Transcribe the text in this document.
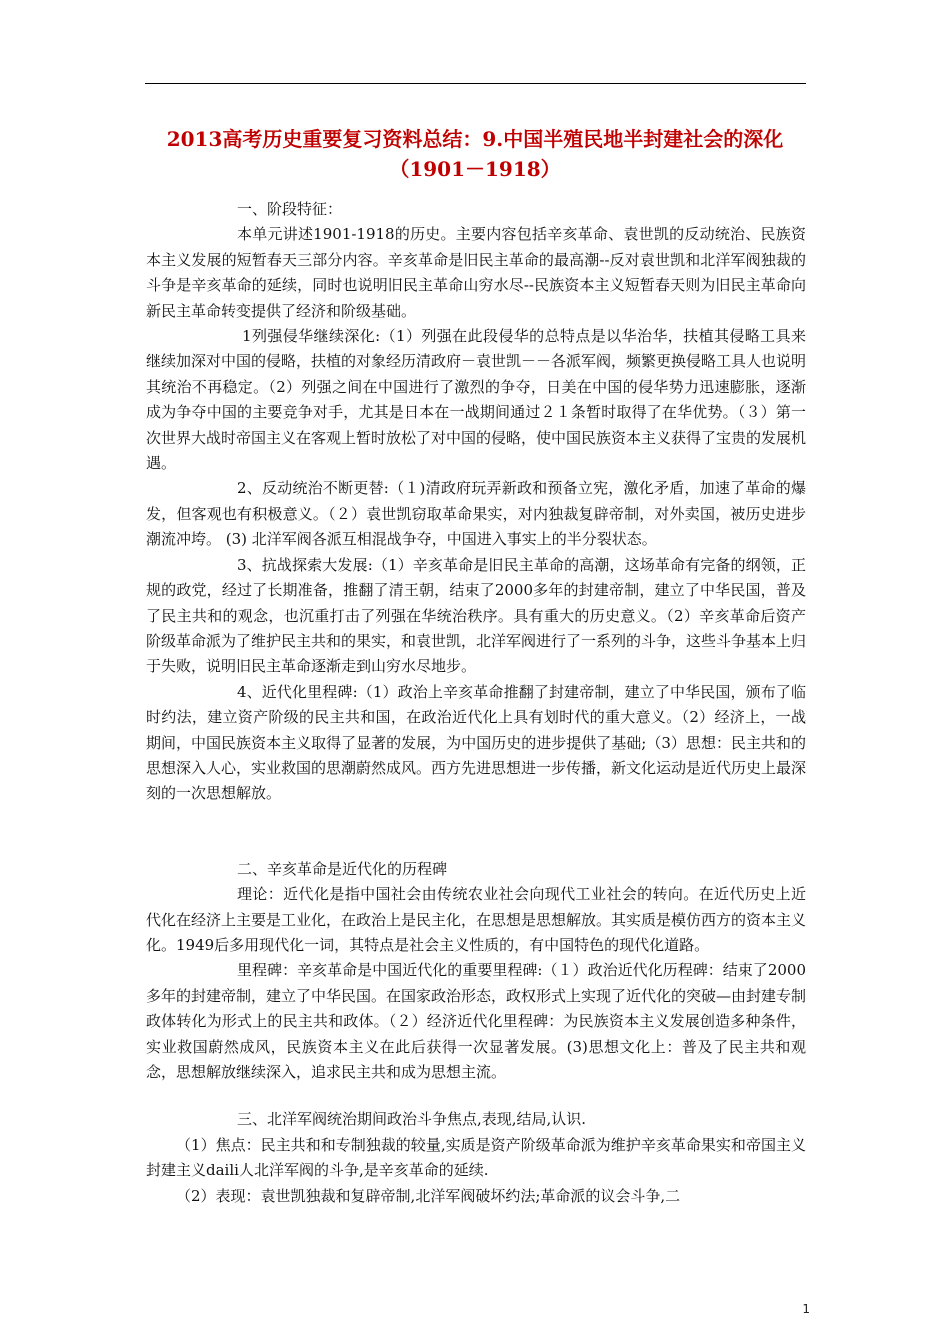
2013高考历史重要复习资料总结：9.中国半殖民地半封建社会的深化（1901－1918）

一、阶段特征：

本单元讲述1901-1918的历史。主要内容包括辛亥革命、袁世凯的反动统治、民族资本主义发展的短暂春天三部分内容。辛亥革命是旧民主革命的最高潮--反对袁世凯和北洋军阀独裁的斗争是辛亥革命的延续，同时也说明旧民主革命山穷水尽--民族资本主义短暂春天则为旧民主革命向新民主革命转变提供了经济和阶级基础。

1列强侵华继续深化:（1）列强在此段侵华的总特点是以华治华，扶植其侵略工具来继续加深对中国的侵略，扶植的对象经历清政府－袁世凯－－各派军阀，频繁更换侵略工具人也说明其统治不再稳定。（2）列强之间在中国进行了激烈的争夺，日美在中国的侵华势力迅速膨胀，逐渐成为争夺中国的主要竞争对手，尤其是日本在一战期间通过２１条暂时取得了在华优势。（３）第一次世界大战时帝国主义在客观上暂时放松了对中国的侵略，使中国民族资本主义获得了宝贵的发展机遇。

2、反动统治不断更替:（１)清政府玩弄新政和预备立宪，激化矛盾，加速了革命的爆发，但客观也有积极意义。（２）袁世凯窃取革命果实，对内独裁复辟帝制，对外卖国，被历史进步潮流冲垮。 (3) 北洋军阀各派互相混战争夺，中国进入事实上的半分裂状态。

3、抗战探索大发展:（1）辛亥革命是旧民主革命的高潮，这场革命有完备的纲领，正规的政党，经过了长期准备，推翻了清王朝，结束了2000多年的封建帝制，建立了中华民国，普及了民主共和的观念，也沉重打击了列强在华统治秩序。具有重大的历史意义。（2）辛亥革命后资产阶级革命派为了维护民主共和的果实，和袁世凯，北洋军阀进行了一系列的斗争，这些斗争基本上归于失败，说明旧民主革命逐渐走到山穷水尽地步。

4、近代化里程碑:（1）政治上辛亥革命推翻了封建帝制，建立了中华民国，颁布了临时约法，建立资产阶级的民主共和国，在政治近代化上具有划时代的重大意义。（2）经济上，一战期间，中国民族资本主义取得了显著的发展，为中国历史的进步提供了基础;（3）思想：民主共和的思想深入人心，实业救国的思潮蔚然成风。西方先进思想进一步传播，新文化运动是近代历史上最深刻的一次思想解放。

二、辛亥革命是近代化的历程碑

理论：近代化是指中国社会由传统农业社会向现代工业社会的转向。在近代历史上近代化在经济上主要是工业化，在政治上是民主化，在思想是思想解放。其实质是模仿西方的资本主义化。1949后多用现代化一词，其特点是社会主义性质的，有中国特色的现代化道路。

里程碑：辛亥革命是中国近代化的重要里程碑:（１）政治近代化历程碑：结束了2000多年的封建帝制，建立了中华民国。在国家政治形态，政权形式上实现了近代化的突破—由封建专制政体转化为形式上的民主共和政体。（２）经济近代化里程碑：为民族资本主义发展创造多种条件，实业救国蔚然成风，民族资本主义在此后获得一次显著发展。(3)思想文化上：普及了民主共和观念，思想解放继续深入，追求民主共和成为思想主流。

三、北洋军阀统治期间政治斗争焦点,表现,结局,认识.

（1）焦点：民主共和和专制独裁的较量,实质是资产阶级革命派为维护辛亥革命果实和帝国主义封建主义daili人北洋军阀的斗争,是辛亥革命的延续.

（2）表现：袁世凯独裁和复辟帝制,北洋军阀破坏约法;革命派的议会斗争,二

1
